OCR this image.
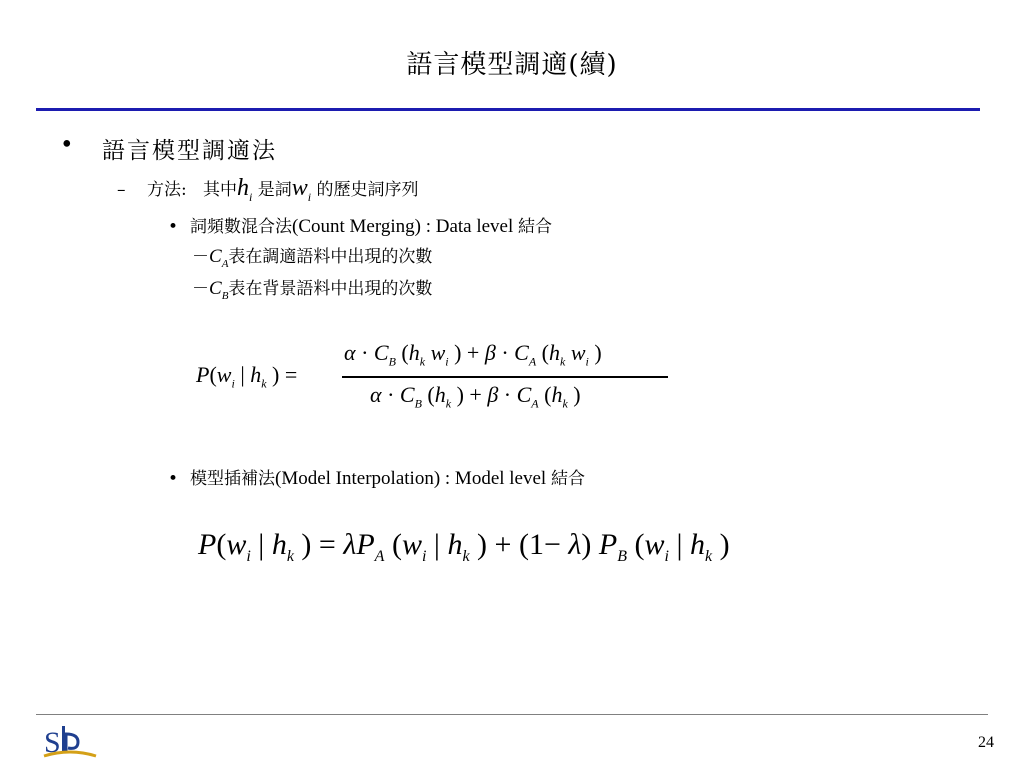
語言模型調適(續)
• 語言模型調適法
– 方法: 其中$h_i$ 是詞$w_i$ 的歷史詞序列
• 詞頻數混合法(Count Merging) : Data level 結合
$-C_A$表在調適語料中出現的次數
$-C_B$表在背景語料中出現的次數
$P(w_i$ | $h_k$ ) =
$\alpha \cdot C_B$ ($h_k$ $w_i$ ) + $\beta \cdot C_A$ ($h_k$ $w_i$ )
$\alpha \cdot C_B$ ($h_k$ ) + $\beta \cdot C_A$ ($h_k$ )
• 模型插補法(Model Interpolation) : Model level 結合
$P(w_i$ | $h_k$ ) = $\lambda P_A$ ($w_i$ | $h_k$ ) + (1− λ) $P_B$ ($w_i$ | $h_k$ )
S	24
